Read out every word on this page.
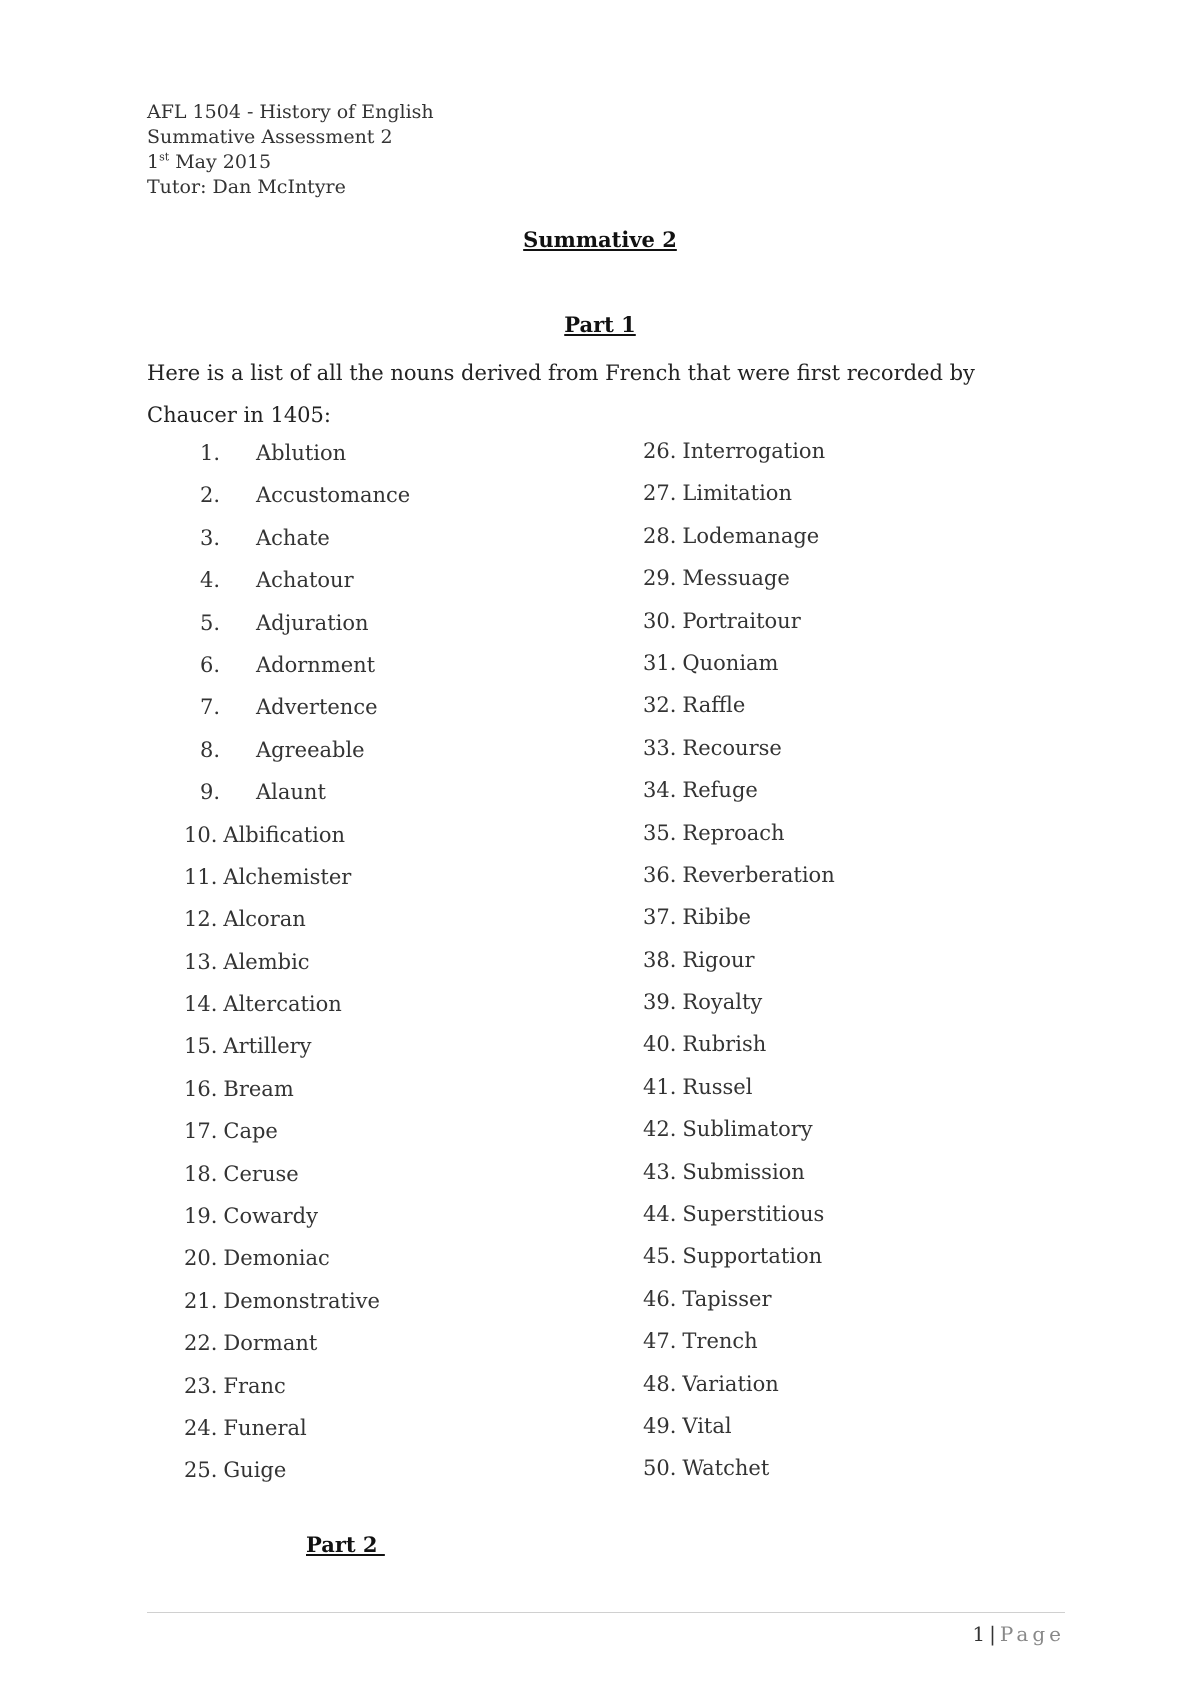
AFL 1504 - History of English
Summative Assessment 2
1st May 2015
Tutor: Dan McIntyre
Summative 2
Part 1
Here is a list of all the nouns derived from French that were first recorded by Chaucer in 1405:
1. Ablution
2. Accustomance
3. Achate
4. Achatour
5. Adjuration
6. Adornment
7. Advertence
8. Agreeable
9. Alaunt
10. Albification
11. Alchemister
12. Alcoran
13. Alembic
14. Altercation
15. Artillery
16. Bream
17. Cape
18. Ceruse
19. Cowardy
20. Demoniac
21. Demonstrative
22. Dormant
23. Franc
24. Funeral
25. Guige
26. Interrogation
27. Limitation
28. Lodemanage
29. Messuage
30. Portraitour
31. Quoniam
32. Raffle
33. Recourse
34. Refuge
35. Reproach
36. Reverberation
37. Ribibe
38. Rigour
39. Royalty
40. Rubrish
41. Russel
42. Sublimatory
43. Submission
44. Superstitious
45. Supportation
46. Tapisser
47. Trench
48. Variation
49. Vital
50. Watchet
Part 2
1 | Page
